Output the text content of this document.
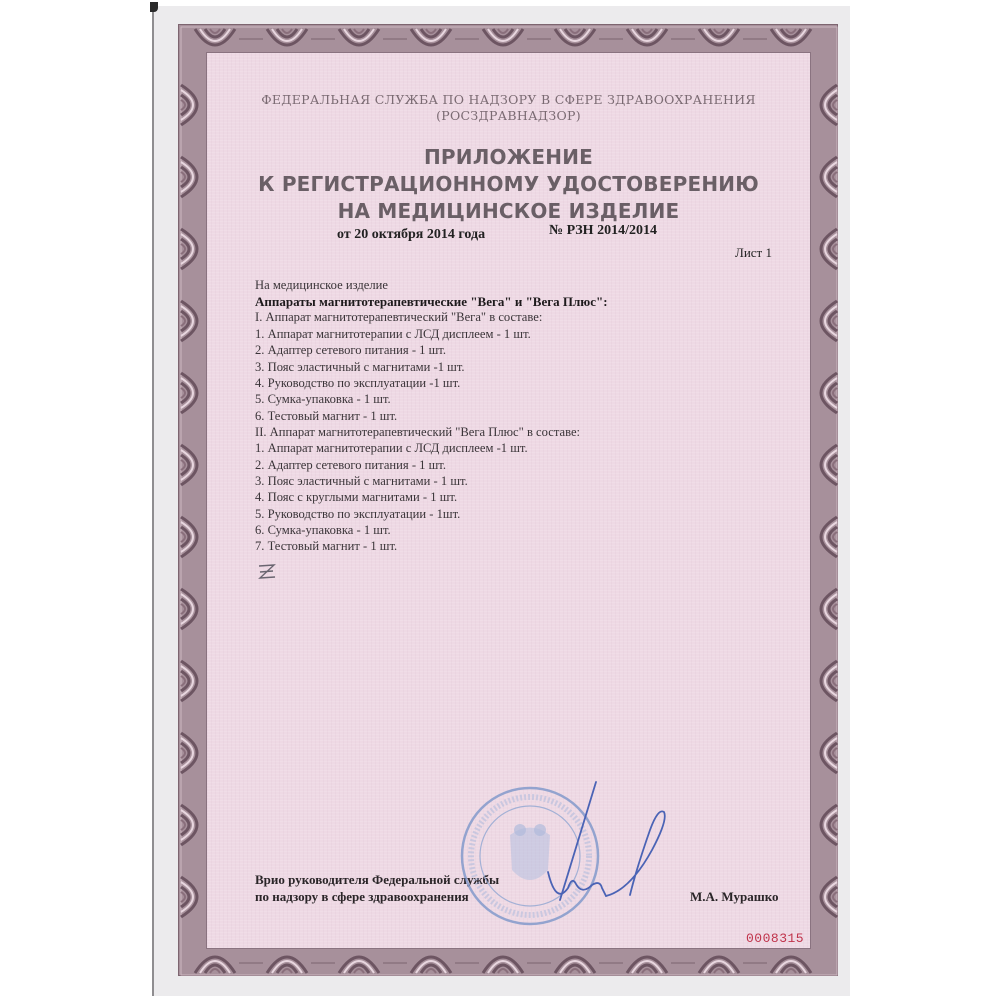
ФЕДЕРАЛЬНАЯ СЛУЖБА ПО НАДЗОРУ В СФЕРЕ ЗДРАВООХРАНЕНИЯ
(РОСЗДРАВНАДЗОР)
ПРИЛОЖЕНИЕ
К РЕГИСТРАЦИОННОМУ УДОСТОВЕРЕНИЮ
НА МЕДИЦИНСКОЕ ИЗДЕЛИЕ
от 20 октября 2014 года	№ РЗН 2014/2014
Лист 1
На медицинское изделие
Аппараты магнитотерапевтические "Вега" и "Вега Плюс":
I. Аппарат магнитотерапевтический "Вега" в составе:
1. Аппарат магнитотерапии с ЛСД дисплеем - 1 шт.
2. Адаптер сетевого питания - 1 шт.
3. Пояс эластичный с магнитами -1 шт.
4. Руководство по эксплуатации -1 шт.
5. Сумка-упаковка - 1 шт.
6. Тестовый магнит - 1 шт.
II. Аппарат магнитотерапевтический "Вега Плюс" в составе:
1. Аппарат магнитотерапии с ЛСД дисплеем -1 шт.
2. Адаптер сетевого питания - 1 шт.
3. Пояс эластичный с магнитами - 1 шт.
4. Пояс с круглыми магнитами - 1 шт.
5. Руководство по эксплуатации - 1шт.
6. Сумка-упаковка - 1 шт.
7. Тестовый магнит - 1 шт.
Врио руководителя Федеральной службы
по надзору в сфере здравоохранения	М.А. Мурашко
0008315
